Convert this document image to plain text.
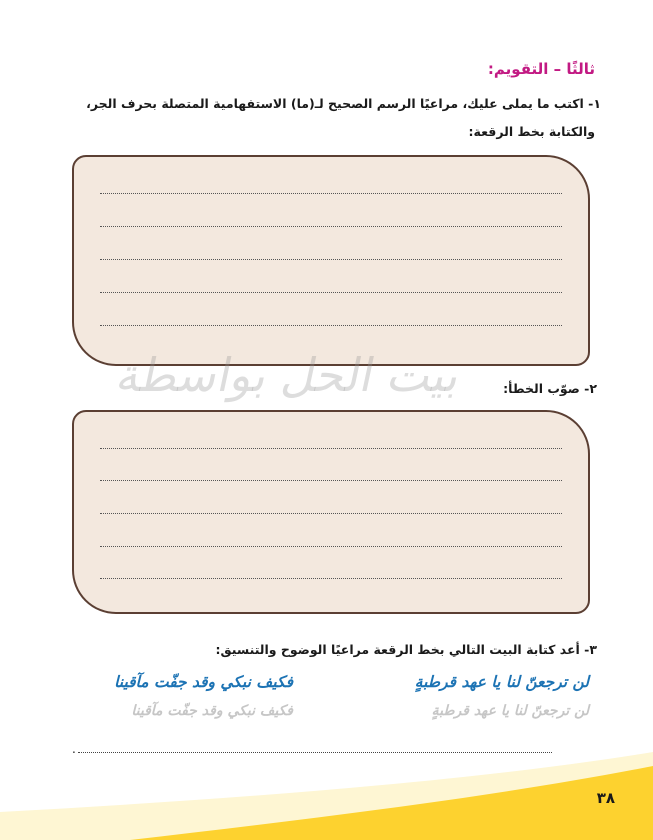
ثالثًا – التقويم:
١- اكتب ما يملى عليك، مراعيًا الرسم الصحيح لـ(ما) الاستفهامية المتصلة بحرف الجر،
والكتابة بخط الرقعة:
بيت الحل بواسطة	٢- صوّب الخطأ:
٣- أعد كتابة البيت التالي بخط الرقعة مراعيًا الوضوح والتنسيق:
لن ترجعنّ لنا يا عهد قرطبةٍ
فكيف نبكي وقد جفّت مآقينا
لن ترجعنّ لنا يا عهد قرطبةٍ
فكيف نبكي وقد جفّت مآقينا
.
٣٨
